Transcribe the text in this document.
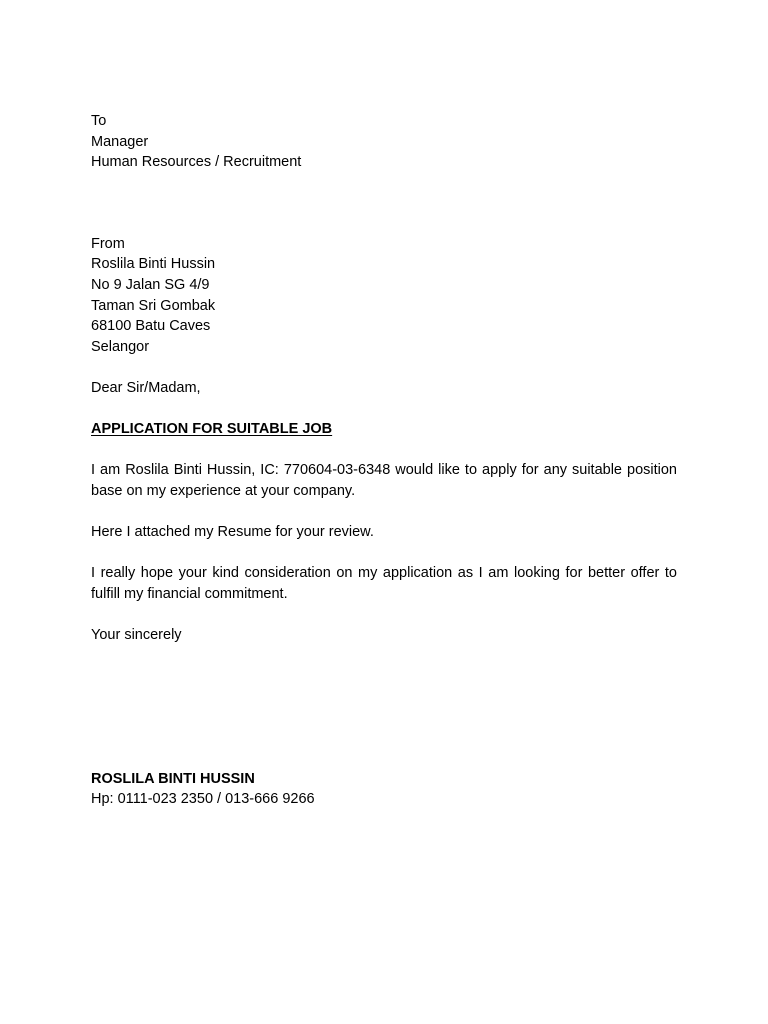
To
Manager
Human Resources / Recruitment
From
Roslila Binti Hussin
No 9 Jalan SG 4/9
Taman Sri Gombak
68100 Batu Caves
Selangor
Dear Sir/Madam,
APPLICATION FOR SUITABLE JOB
I am Roslila Binti Hussin, IC: 770604-03-6348 would like to apply for any suitable position base on my experience at your company.
Here I attached my Resume for your review.
I really hope your kind consideration on my application as I am looking for better offer to fulfill my financial commitment.
Your sincerely
ROSLILA BINTI HUSSIN
Hp: 0111-023 2350 / 013-666 9266
